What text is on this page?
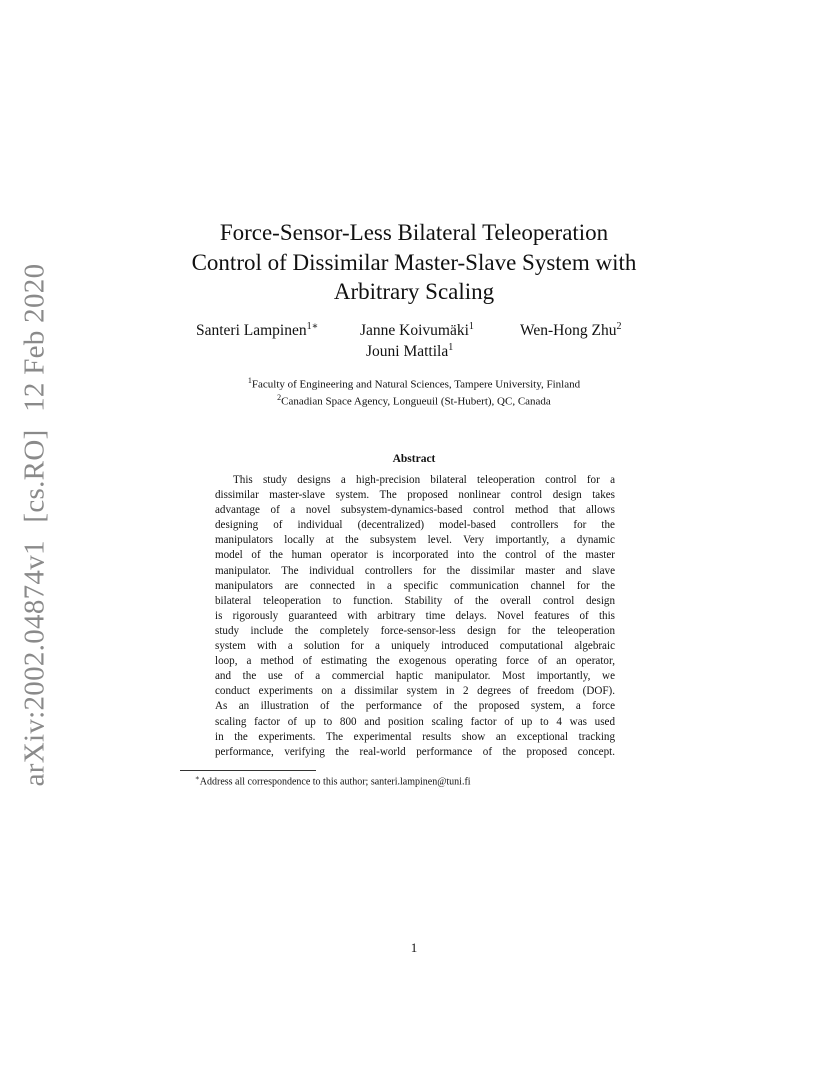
arXiv:2002.04874v1 [cs.RO] 12 Feb 2020
Force-Sensor-Less Bilateral Teleoperation
Control of Dissimilar Master-Slave System with
Arbitrary Scaling
Santeri Lampinen$^{1∗}$	Janne Koivumäki$^1$	Wen-Hong Zhu$^2$
Jouni Mattila$^1$
$^1$Faculty of Engineering and Natural Sciences, Tampere University, Finland
$^2$Canadian Space Agency, Longueuil (St-Hubert), QC, Canada
Abstract
This study designs a high-precision bilateral teleoperation control for a
dissimilar master-slave system. The proposed nonlinear control design takes
advantage of a novel subsystem-dynamics-based control method that allows
designing of individual (decentralized) model-based controllers for the
manipulators locally at the subsystem level. Very importantly, a dynamic
model of the human operator is incorporated into the control of the master
manipulator. The individual controllers for the dissimilar master and slave
manipulators are connected in a specific communication channel for the
bilateral teleoperation to function. Stability of the overall control design
is rigorously guaranteed with arbitrary time delays. Novel features of this
study include the completely force-sensor-less design for the teleoperation
system with a solution for a uniquely introduced computational algebraic
loop, a method of estimating the exogenous operating force of an operator,
and the use of a commercial haptic manipulator. Most importantly, we
conduct experiments on a dissimilar system in 2 degrees of freedom (DOF).
As an illustration of the performance of the proposed system, a force
scaling factor of up to 800 and position scaling factor of up to 4 was used
in the experiments. The experimental results show an exceptional tracking
performance, verifying the real-world performance of the proposed concept.
∗Address all correspondence to this author; santeri.lampinen@tuni.fi
1
